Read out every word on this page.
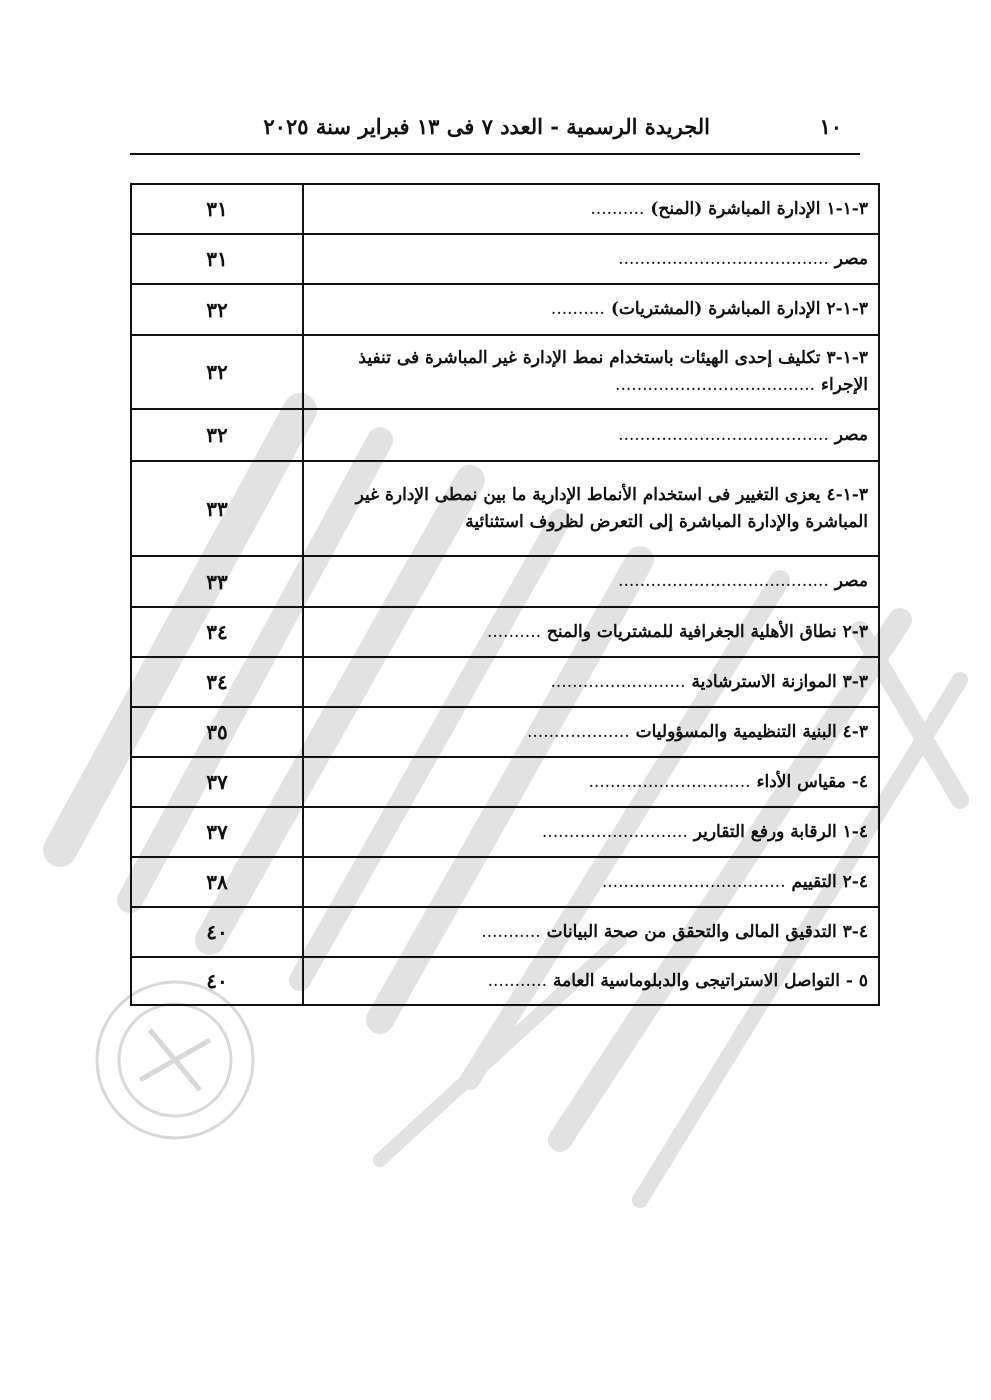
١٠
الجريدة الرسمية - العدد ٧ فى ١٣ فبراير سنة ٢٠٢٥
٣-١-١ الإدارة المباشرة (المنح) ..........	٣١
مصر .......................................	٣١
٣-١-٢ الإدارة المباشرة (المشتريات) ..........	٣٢

٣-١-٣ تكليف إحدى الهيئات باستخدام نمط الإدارة غير المباشرة فى تنفيذ الإجراء .....................................	٣٢
مصر .......................................	٣٢

٣-١-٤ يعزى التغيير فى استخدام الأنماط الإدارية ما بين نمطى الإدارة غير المباشرة والإدارة المباشرة إلى التعرض لظروف استثنائية	٣٣
مصر .......................................	٣٣
٣-٢ نطاق الأهلية الجغرافية للمشتريات والمنح ..........	٣٤
٣-٣ الموازنة الاسترشادية .........................	٣٤
٣-٤ البنية التنظيمية والمسؤوليات ...................	٣٥
٤- مقياس الأداء ..............................	٣٧
٤-١ الرقابة ورفع التقارير ...........................	٣٧
٤-٢ التقييم ..................................	٣٨
٤-٣ التدقيق المالى والتحقق من صحة البيانات ...........	٤٠
٥ - التواصل الاستراتيجى والدبلوماسية العامة ...........	٤٠
